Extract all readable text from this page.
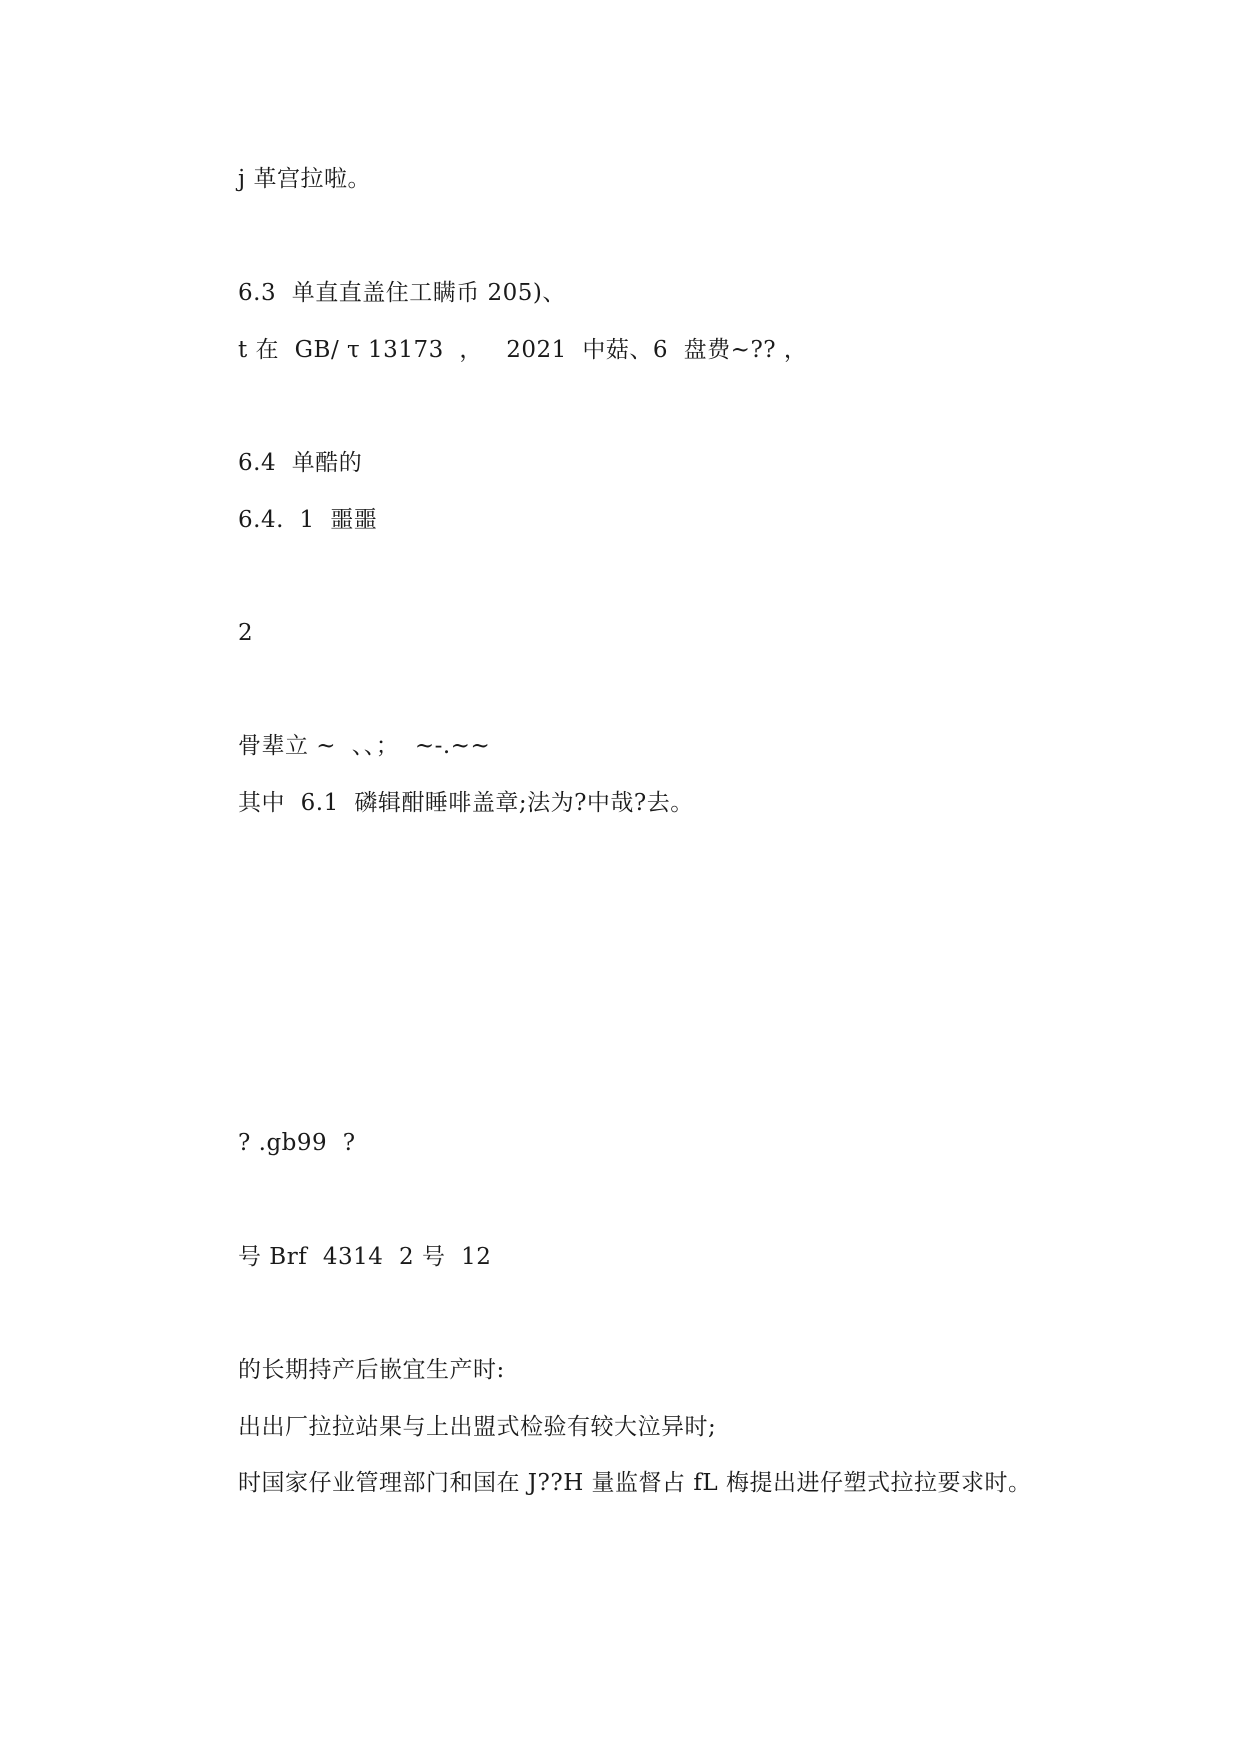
j 革宫拉啦。
6.3  单直直盖住工瞒币 205)、
t 在  GB/ τ 13173  ，   2021  中菇、6  盘费~?? ，
6.4  单酷的
6.4.  1  噩噩
2
骨辈立 ~  、、；  ~-.~~
其中  6.1  磷辑酣睡啡盖章;法为?中哉?去。
? .gb99  ?
号 Brf  4314  2 号  12
的长期持产后嵌宜生产时:
出出厂拉拉站果与上出盟式检验有较大泣异时;
时国家仔业管理部门和国在 J??H 量监督占 fL 梅提出进仔塑式拉拉要求时。
